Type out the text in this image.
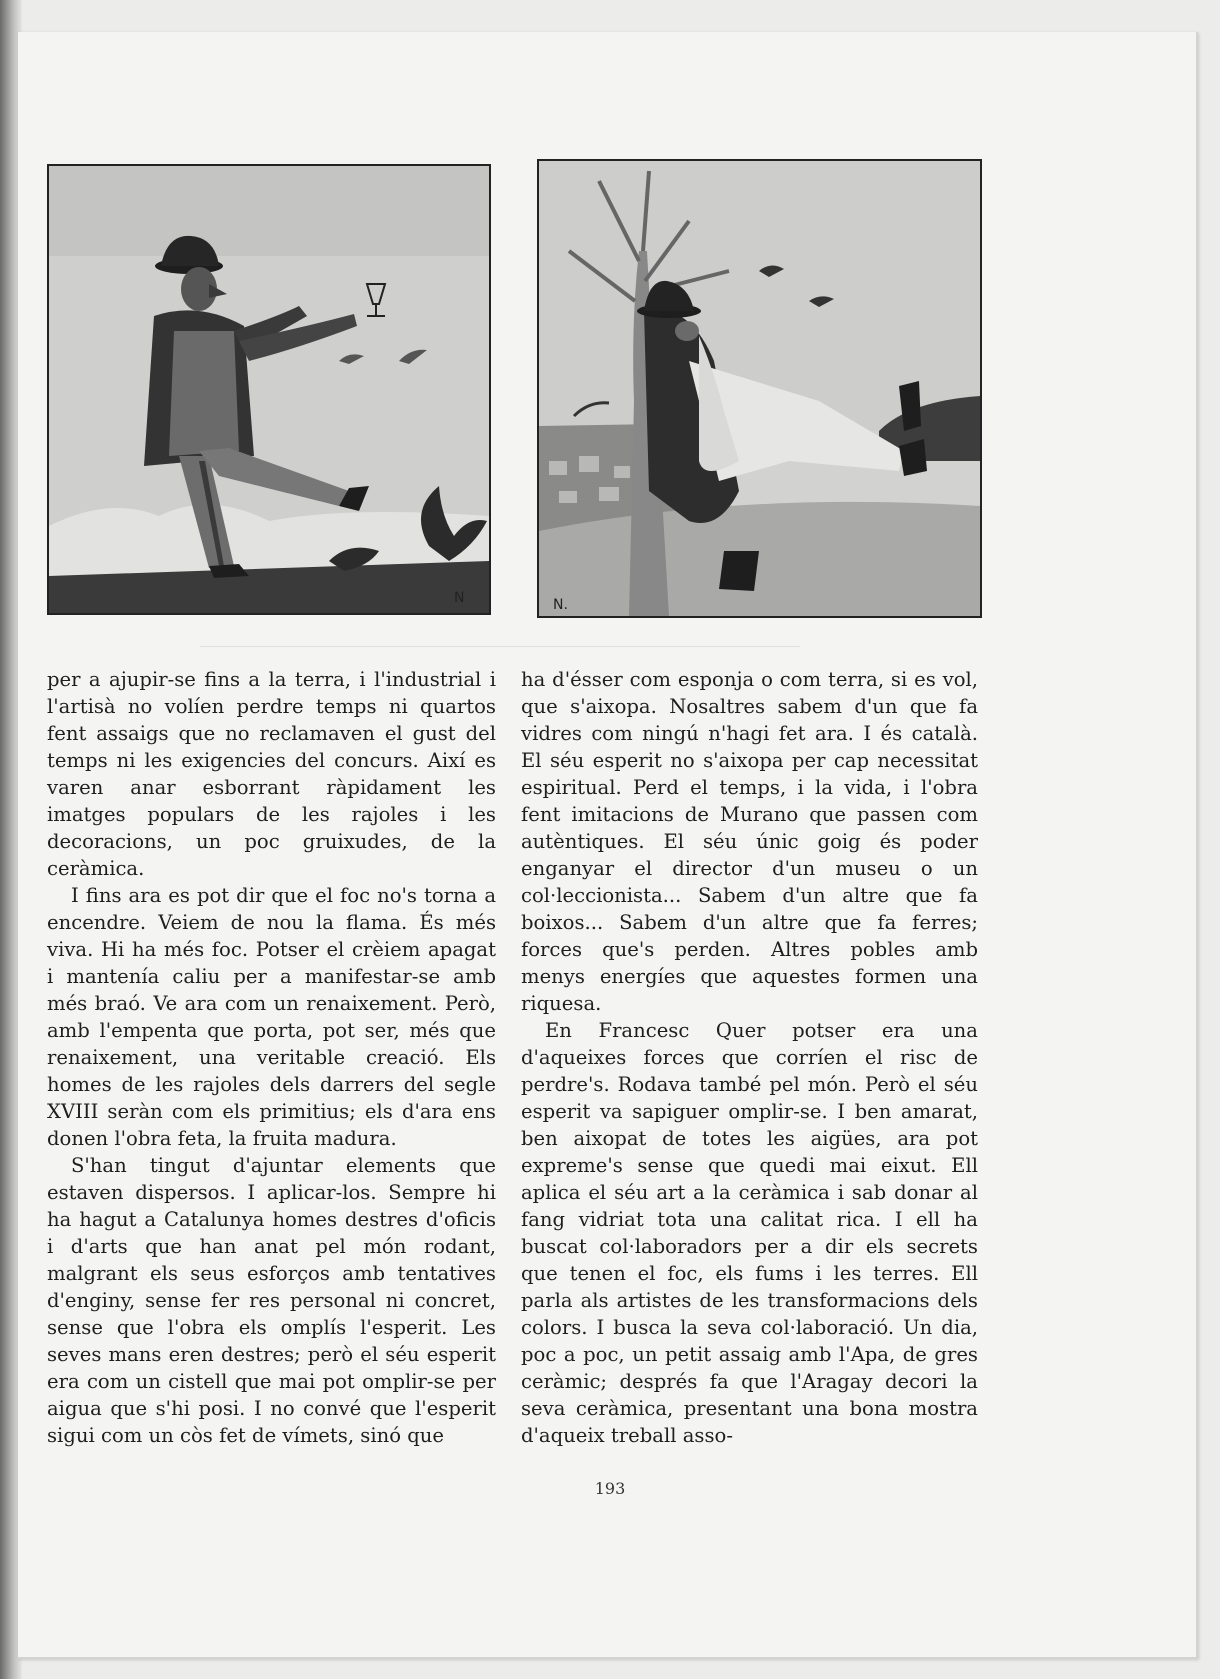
N	N.

per a ajupir-se fins a la terra, i l'industrial i l'artisà no volíen perdre temps ni quartos fent assaigs que no reclamaven el gust del temps ni les exigencies del concurs. Així es varen anar esborrant ràpidament les imatges populars de les rajoles i les decoracions, un poc gruixudes, de la ceràmica.

I fins ara es pot dir que el foc no's torna a encendre. Veiem de nou la flama. És més viva. Hi ha més foc. Potser el crèiem apagat i mantenía caliu per a manifestar-se amb més braó. Ve ara com un renaixement. Però, amb l'empenta que porta, pot ser, més que renaixement, una veritable creació. Els homes de les rajoles dels darrers del segle XVIII seràn com els primitius; els d'ara ens donen l'obra feta, la fruita madura.

S'han tingut d'ajuntar elements que estaven dispersos. I aplicar-los. Sempre hi ha hagut a Catalunya homes destres d'oficis i d'arts que han anat pel món rodant, malgrant els seus esforços amb tentatives d'enginy, sense fer res personal ni concret, sense que l'obra els omplís l'esperit. Les seves mans eren destres; però el séu esperit era com un cistell que mai pot omplir-se per aigua que s'hi posi. I no convé que l'esperit sigui com un còs fet de vímets, sinó que

ha d'ésser com esponja o com terra, si es vol, que s'aixopa. Nosaltres sabem d'un que fa vidres com ningú n'hagi fet ara. I és català. El séu esperit no s'aixopa per cap necessitat espiritual. Perd el temps, i la vida, i l'obra fent imitacions de Murano que passen com autèntiques. El séu únic goig és poder enganyar el director d'un museu o un col·leccionista... Sabem d'un altre que fa boixos... Sabem d'un altre que fa ferres; forces que's perden. Altres pobles amb menys energíes que aquestes formen una riquesa.

En Francesc Quer potser era una d'aqueixes forces que corríen el risc de perdre's. Rodava també pel món. Però el séu esperit va sapiguer omplir-se. I ben amarat, ben aixopat de totes les aigües, ara pot expreme's sense que quedi mai eixut. Ell aplica el séu art a la ceràmica i sab donar al fang vidriat tota una calitat rica. I ell ha buscat col·laboradors per a dir els secrets que tenen el foc, els fums i les terres. Ell parla als artistes de les transformacions dels colors. I busca la seva col·laboració. Un dia, poc a poc, un petit assaig amb l'Apa, de gres ceràmic; després fa que l'Aragay decori la seva ceràmica, presentant una bona mostra d'aqueix treball asso-

193
